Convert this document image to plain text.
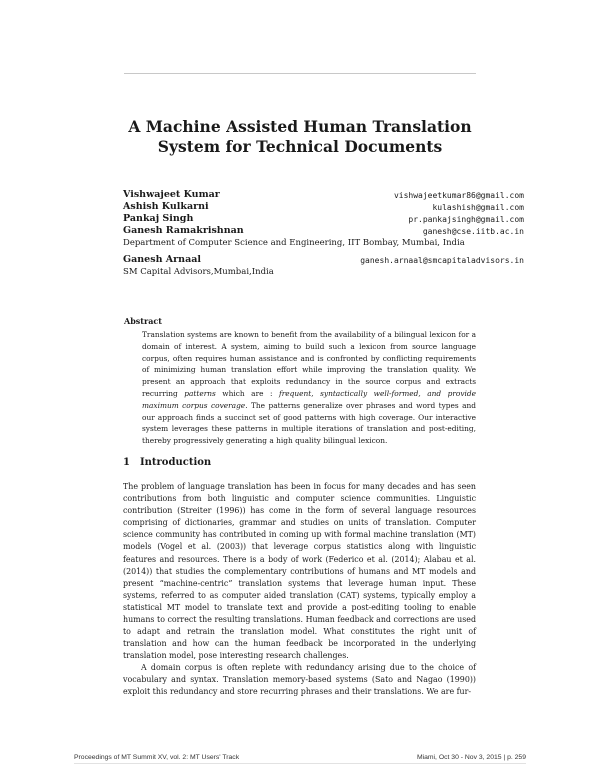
A Machine Assisted Human Translation
System for Technical Documents
Vishwajeet Kumar	vishwajeetkumar86@gmail.com
Ashish Kulkarni	kulashish@gmail.com
Pankaj Singh	pr.pankajsingh@gmail.com
Ganesh Ramakrishnan	ganesh@cse.iitb.ac.in
Department of Computer Science and Engineering, IIT Bombay, Mumbai, India
Ganesh Arnaal	ganesh.arnaal@smcapitaladvisors.in
SM Capital Advisors,Mumbai,India
Abstract
Translation systems are known to benefit from the availability of a bilingual lexicon for a domain of interest. A system, aiming to build such a lexicon from source language corpus, often requires human assistance and is confronted by conflicting requirements of minimizing human translation effort while improving the translation quality. We present an approach that exploits redundancy in the source corpus and extracts recurring patterns which are : frequent, syntactically well-formed, and provide maximum corpus coverage. The patterns generalize over phrases and word types and our approach finds a succinct set of good patterns with high coverage. Our interactive system leverages these patterns in multiple iterations of translation and post-editing, thereby progressively generating a high quality bilingual lexicon.
1 Introduction
The problem of language translation has been in focus for many decades and has seen contributions from both linguistic and computer science communities. Linguistic contribution (Streiter (1996)) has come in the form of several language resources comprising of dictionaries, grammar and studies on units of translation. Computer science community has contributed in coming up with formal machine translation (MT) models (Vogel et al. (2003)) that leverage corpus statistics along with linguistic features and resources. There is a body of work (Federico et al. (2014); Alabau et al. (2014)) that studies the complementary contributions of humans and MT models and present “machine-centric” translation systems that leverage human input. These systems, referred to as computer aided translation (CAT) systems, typically employ a statistical MT model to translate text and provide a post-editing tooling to enable humans to correct the resulting translations. Human feedback and corrections are used to adapt and retrain the translation model. What constitutes the right unit of translation and how can the human feedback be incorporated in the underlying translation model, pose interesting research challenges.
A domain corpus is often replete with redundancy arising due to the choice of vocabulary and syntax. Translation memory-based systems (Sato and Nagao (1990)) exploit this redundancy and store recurring phrases and their translations. We are fur-
Proceedings of MT Summit XV, vol. 2: MT Users' Track	Miami, Oct 30 - Nov 3, 2015 | p. 259
